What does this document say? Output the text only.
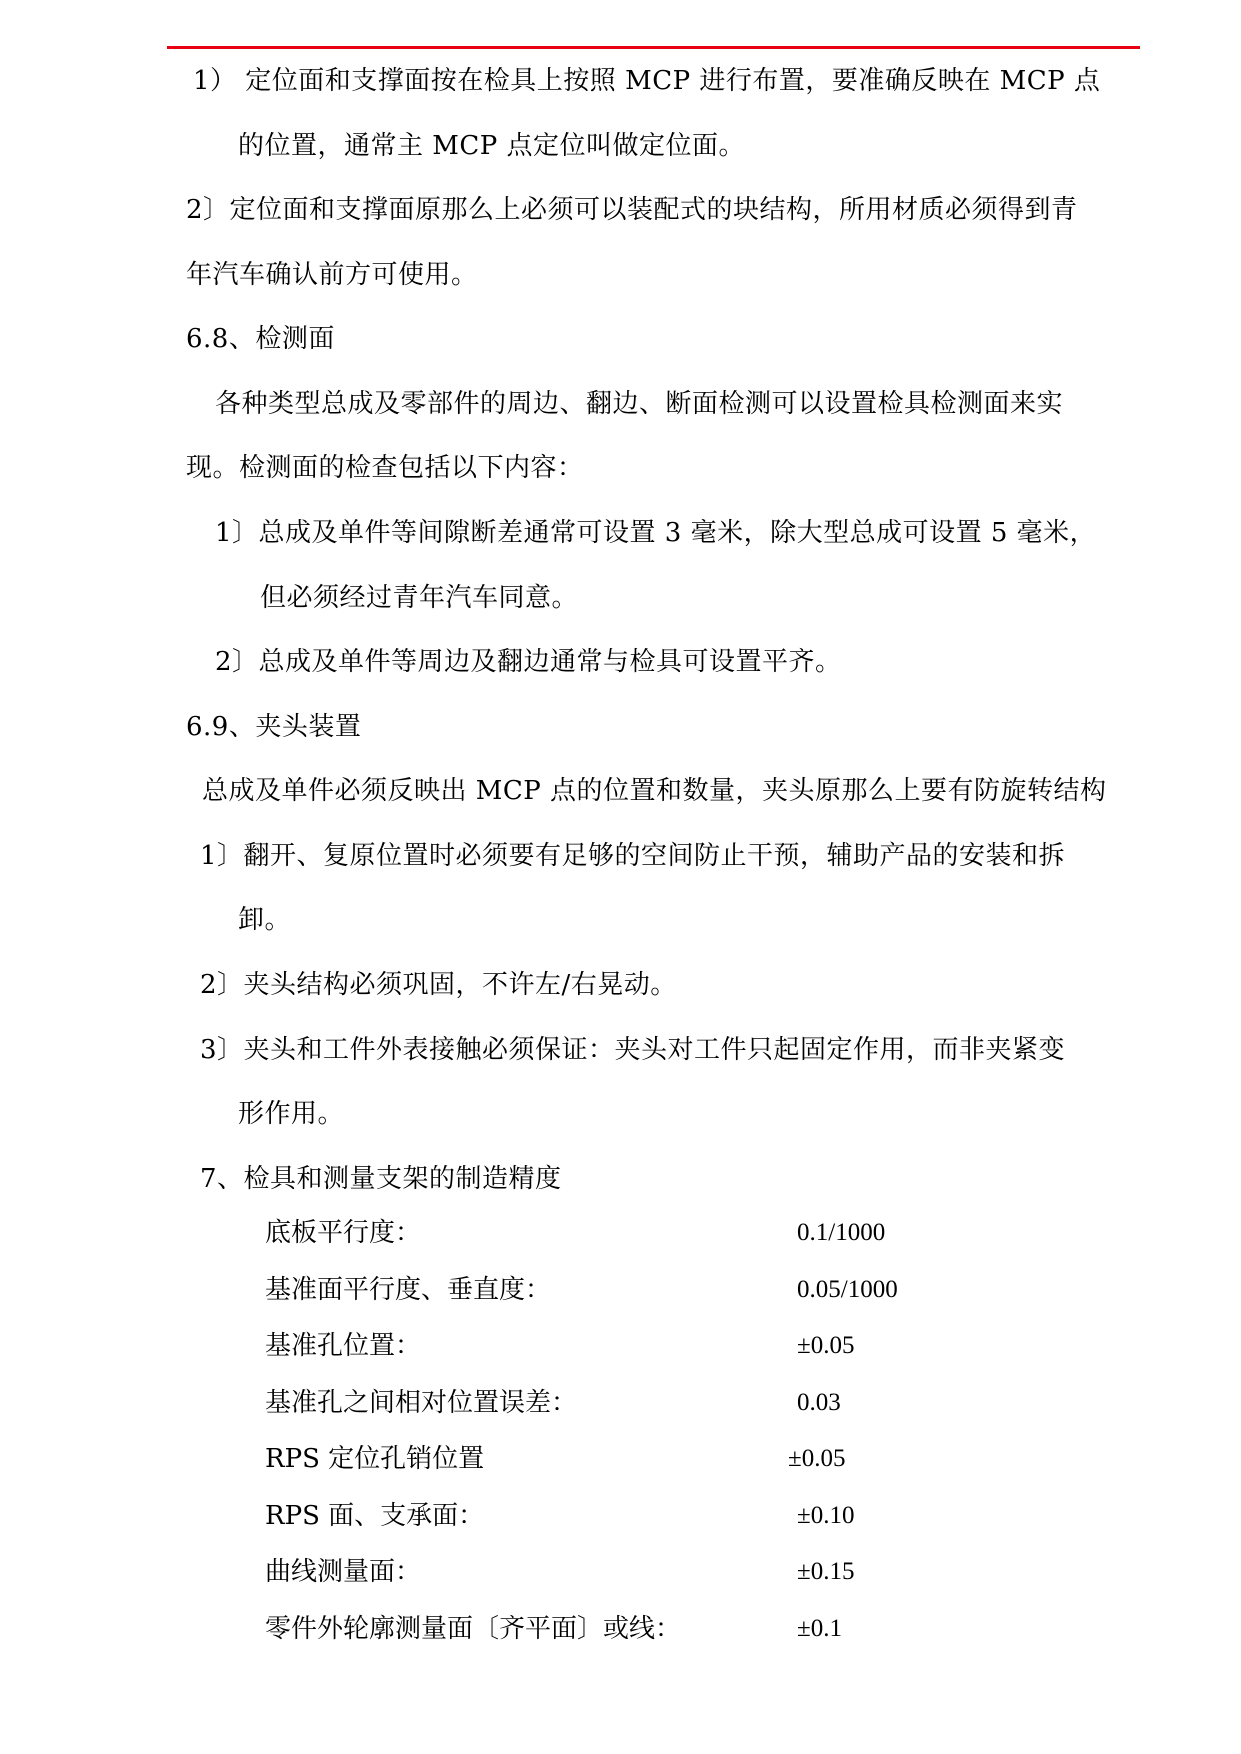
1） 定位面和支撑面按在检具上按照 MCP 进行布置，要准确反映在 MCP 点
的位置，通常主 MCP 点定位叫做定位面。
2〕定位面和支撑面原那么上必须可以装配式的块结构，所用材质必须得到青
年汽车确认前方可使用。
6.8、检测面
各种类型总成及零部件的周边、翻边、断面检测可以设置检具检测面来实
现。检测面的检查包括以下内容：
1〕总成及单件等间隙断差通常可设置 3 毫米，除大型总成可设置 5 毫米，
但必须经过青年汽车同意。
2〕总成及单件等周边及翻边通常与检具可设置平齐。
6.9、夹头装置
总成及单件必须反映出 MCP 点的位置和数量，夹头原那么上要有防旋转结构
1〕翻开、复原位置时必须要有足够的空间防止干预，辅助产品的安装和拆
卸。
2〕夹头结构必须巩固，不许左/右晃动。
3〕夹头和工件外表接触必须保证：夹头对工件只起固定作用，而非夹紧变
形作用。
7、检具和测量支架的制造精度
底板平行度：	0.1/1000
基准面平行度、垂直度：	0.05/1000
基准孔位置：	±0.05
基准孔之间相对位置误差：	0.03
RPS 定位孔销位置	±0.05
RPS 面、支承面：	±0.10
曲线测量面：	±0.15
零件外轮廓测量面〔齐平面〕或线：	±0.1
